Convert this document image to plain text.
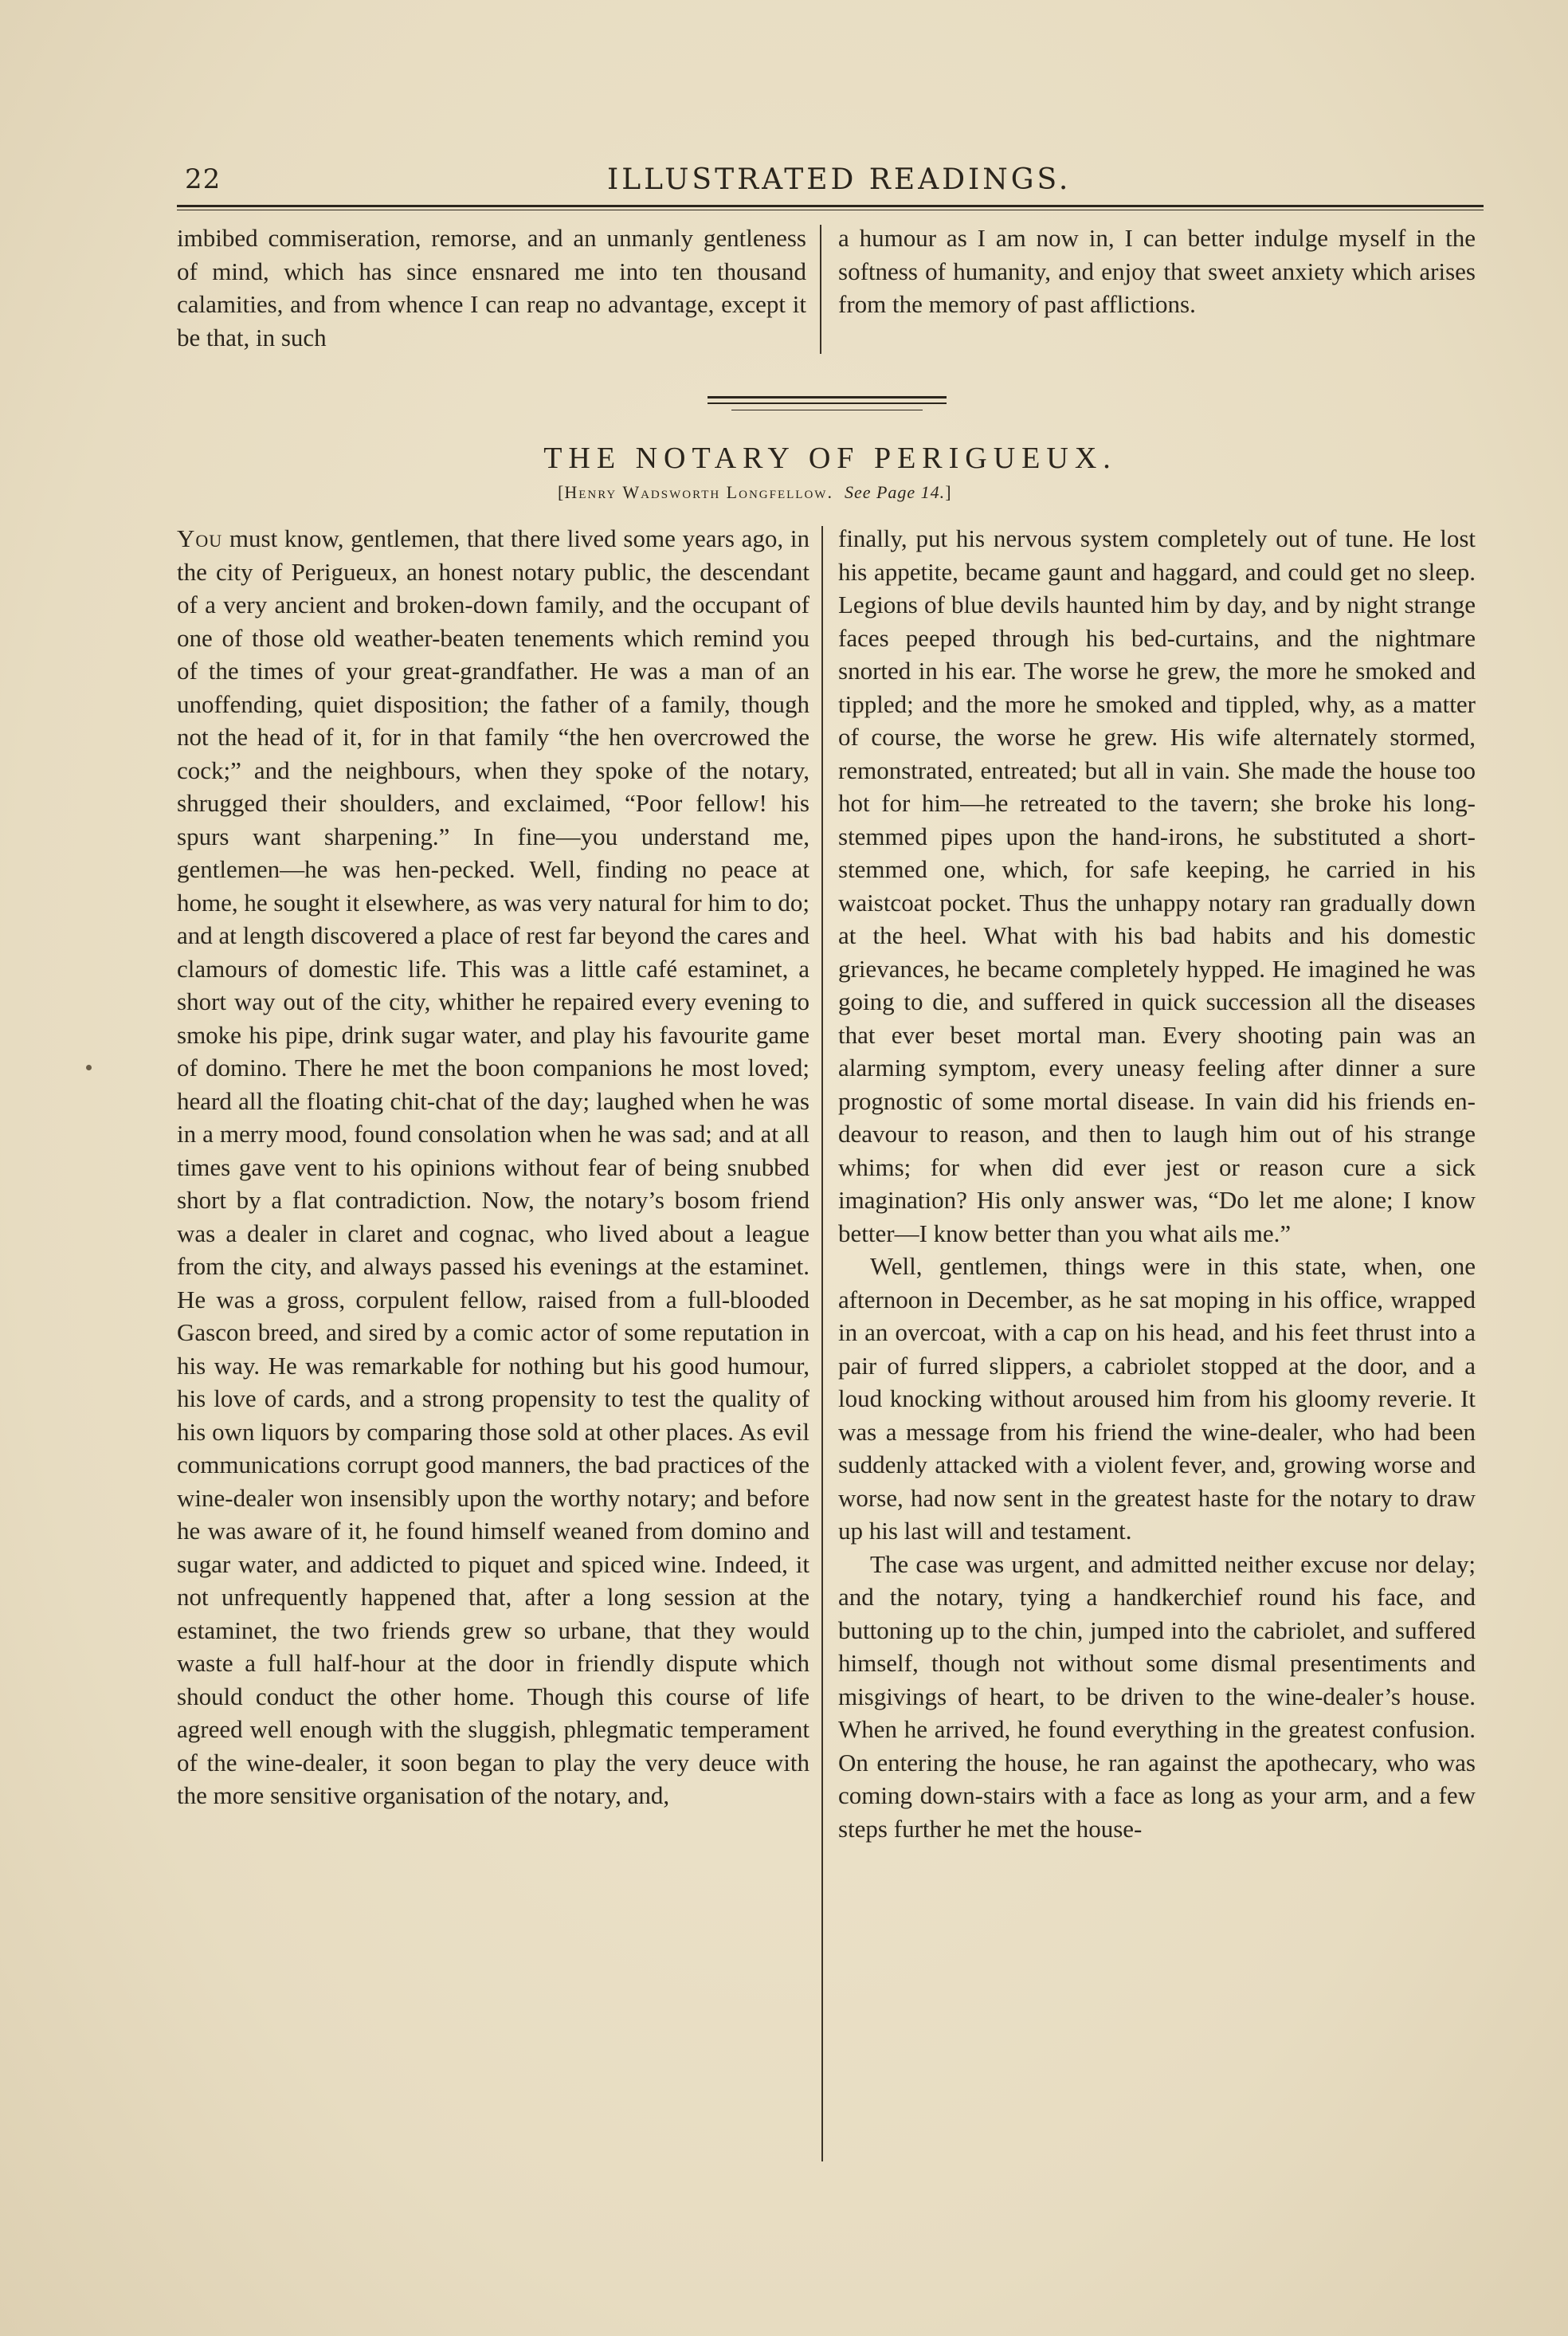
22	ILLUSTRATED READINGS.

imbibed commiseration, remorse, and an unmanly gentleness of mind, which has since ensnared me into ten thousand calamities, and from whence I can reap no advantage, except it be that, in such

a humour as I am now in, I can better indulge myself in the softness of humanity, and enjoy that sweet anxiety which arises from the memory of past afflictions.

THE NOTARY OF PERIGUEUX.
[Henry Wadsworth Longfellow. See Page 14.]

You must know, gentlemen, that there lived some years ago, in the city of Perigueux, an honest notary public, the descendant of a very ancient and broken-down family, and the occupant of one of those old weather-beaten tenements which remind you of the times of your great-grandfather. He was a man of an unoffending, quiet disposition; the father of a family, though not the head of it, for in that family “the hen overcrowed the cock;” and the neighbours, when they spoke of the notary, shrugged their shoulders, and exclaimed, “Poor fellow! his spurs want sharpening.” In fine—you understand me, gentlemen—he was hen-pecked. Well, finding no peace at home, he sought it elsewhere, as was very natural for him to do; and at length discovered a place of rest far beyond the cares and clamours of domestic life. This was a little café estaminet, a short way out of the city, whither he repaired every evening to smoke his pipe, drink sugar water, and play his favourite game of domino. There he met the boon companions he most loved; heard all the floating chit-chat of the day; laughed when he was in a merry mood, found consolation when he was sad; and at all times gave vent to his opinions without fear of being snubbed short by a flat contradiction. Now, the notary’s bosom friend was a dealer in claret and cognac, who lived about a league from the city, and always passed his evenings at the estaminet. He was a gross, corpulent fellow, raised from a full-blooded Gascon breed, and sired by a comic actor of some reputation in his way. He was remarkable for nothing but his good humour, his love of cards, and a strong propensity to test the quality of his own liquors by comparing those sold at other places. As evil communications corrupt good manners, the bad practices of the wine-dealer won insensibly upon the worthy notary; and before he was aware of it, he found himself weaned from domino and sugar water, and addicted to piquet and spiced wine. Indeed, it not unfrequently happened that, after a long session at the estaminet, the two friends grew so urbane, that they would waste a full half-hour at the door in friendly dispute which should conduct the other home. Though this course of life agreed well enough with the sluggish, phlegmatic temperament of the wine-dealer, it soon began to play the very deuce with the more sensitive organisation of the notary, and,

finally, put his nervous system completely out of tune. He lost his appetite, became gaunt and haggard, and could get no sleep. Legions of blue devils haunted him by day, and by night strange faces peeped through his bed-curtains, and the nightmare snorted in his ear. The worse he grew, the more he smoked and tippled; and the more he smoked and tippled, why, as a matter of course, the worse he grew. His wife alternately stormed, remonstrated, entreated; but all in vain. She made the house too hot for him—he retreated to the tavern; she broke his long-stemmed pipes upon the hand-irons, he substituted a short-stemmed one, which, for safe keeping, he carried in his waistcoat pocket. Thus the unhappy notary ran gradually down at the heel. What with his bad habits and his domestic grievances, he became completely hypped. He imagined he was going to die, and suffered in quick succession all the diseases that ever beset mortal man. Every shooting pain was an alarming symptom, every uneasy feeling after dinner a sure prognostic of some mortal disease. In vain did his friends endeavour to reason, and then to laugh him out of his strange whims; for when did ever jest or reason cure a sick imagination? His only answer was, “Do let me alone; I know better—I know better than you what ails me.”

Well, gentlemen, things were in this state, when, one afternoon in December, as he sat moping in his office, wrapped in an overcoat, with a cap on his head, and his feet thrust into a pair of furred slippers, a cabriolet stopped at the door, and a loud knocking without aroused him from his gloomy reverie. It was a message from his friend the wine-dealer, who had been suddenly attacked with a violent fever, and, growing worse and worse, had now sent in the greatest haste for the notary to draw up his last will and testament.

The case was urgent, and admitted neither excuse nor delay; and the notary, tying a handkerchief round his face, and buttoning up to the chin, jumped into the cabriolet, and suffered himself, though not without some dismal presentiments and misgivings of heart, to be driven to the wine-dealer’s house. When he arrived, he found everything in the greatest confusion. On entering the house, he ran against the apothecary, who was coming down-stairs with a face as long as your arm, and a few steps further he met the house-
